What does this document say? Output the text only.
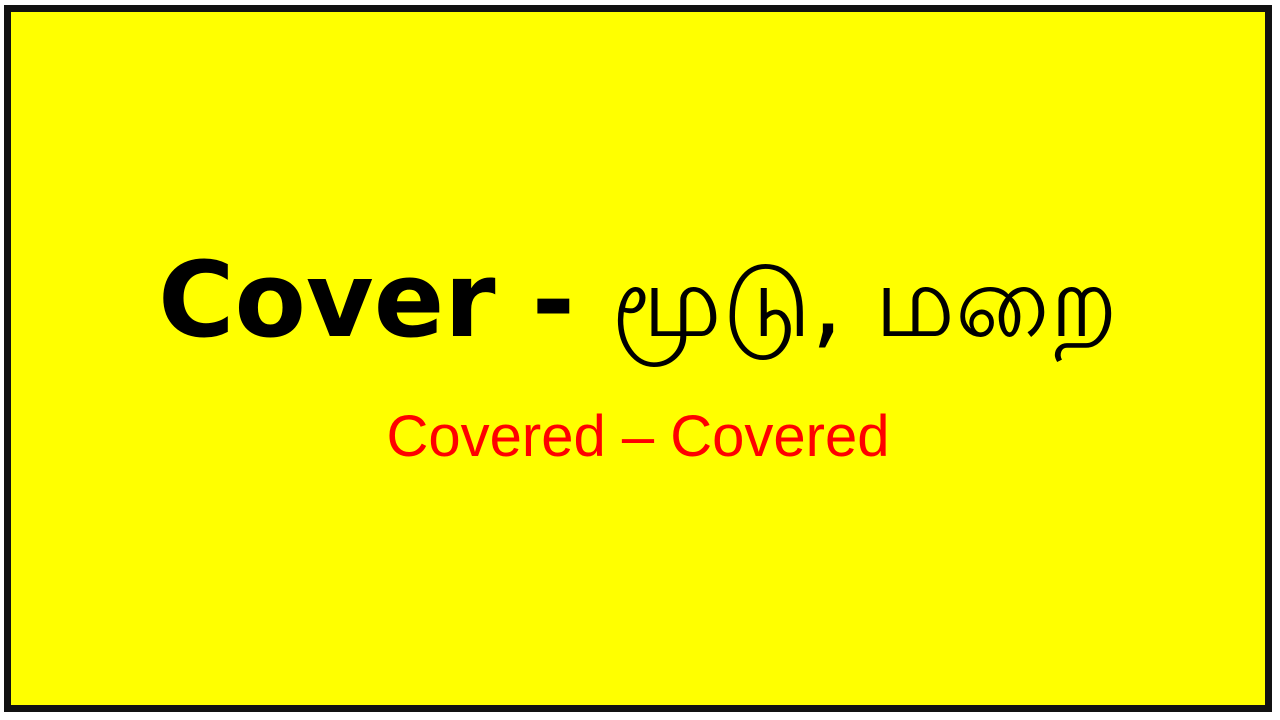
Cover - மூடு, மறை
Covered – Covered
